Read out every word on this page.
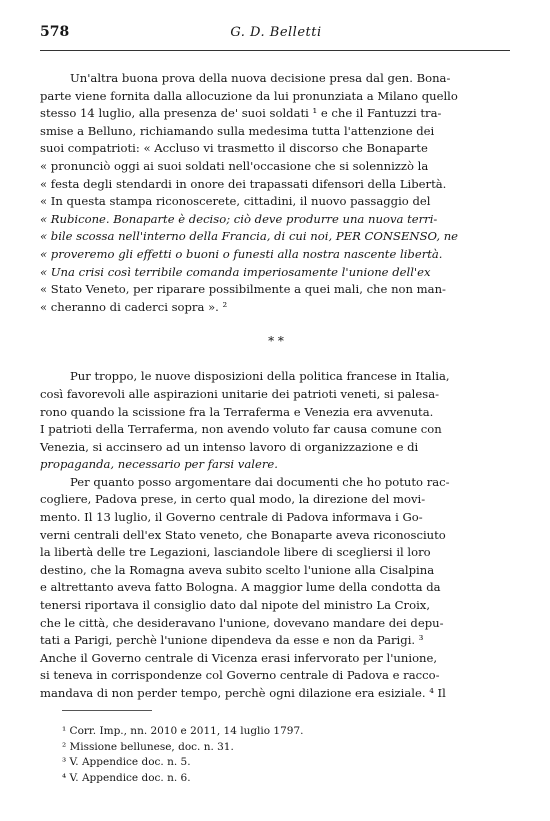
578	G. D. Belletti
Un'altra buona prova della nuova decisione presa dal gen. Bona-
parte viene fornita dalla allocuzione da lui pronunziata a Milano quello
stesso 14 luglio, alla presenza de' suoi soldati ¹ e che il Fantuzzi tra-
smise a Belluno, richiamando sulla medesima tutta l'attenzione dei
suoi compatrioti: « Accluso vi trasmetto il discorso che Bonaparte
« pronunciò oggi ai suoi soldati nell'occasione che si solennizzò la
« festa degli stendardi in onore dei trapassati difensori della Libertà.
« In questa stampa riconoscerete, cittadini, il nuovo passaggio del
« Rubicone. Bonaparte è deciso; ciò deve produrre una nuova terri-
« bile scossa nell'interno della Francia, di cui noi, PER CONSENSO, ne
« proveremo gli effetti o buoni o funesti alla nostra nascente libertà.
« Una crisi così terribile comanda imperiosamente l'unione dell'ex
« Stato Veneto, per riparare possibilmente a quei mali, che non man-
« cheranno di caderci sopra ». ²
* *
Pur troppo, le nuove disposizioni della politica francese in Italia,
così favorevoli alle aspirazioni unitarie dei patrioti veneti, si palesa-
rono quando la scissione fra la Terraferma e Venezia era avvenuta.
I patrioti della Terraferma, non avendo voluto far causa comune con
Venezia, si accinsero ad un intenso lavoro di organizzazione e di
propaganda, necessario per farsi valere.
Per quanto posso argomentare dai documenti che ho potuto rac-
cogliere, Padova prese, in certo qual modo, la direzione del movi-
mento. Il 13 luglio, il Governo centrale di Padova informava i Go-
verni centrali dell'ex Stato veneto, che Bonaparte aveva riconosciuto
la libertà delle tre Legazioni, lasciandole libere di scegliersi il loro
destino, che la Romagna aveva subito scelto l'unione alla Cisalpina
e altrettanto aveva fatto Bologna. A maggior lume della condotta da
tenersi riportava il consiglio dato dal nipote del ministro La Croix,
che le città, che desideravano l'unione, dovevano mandare dei depu-
tati a Parigi, perchè l'unione dipendeva da esse e non da Parigi. ³
Anche il Governo centrale di Vicenza erasi infervorato per l'unione,
si teneva in corrispondenze col Governo centrale di Padova e racco-
mandava di non perder tempo, perchè ogni dilazione era esiziale. ⁴ Il

¹ Corr. Imp., nn. 2010 e 2011, 14 luglio 1797.

² Missione bellunese, doc. n. 31.

³ V. Appendice doc. n. 5.

⁴ V. Appendice doc. n. 6.
